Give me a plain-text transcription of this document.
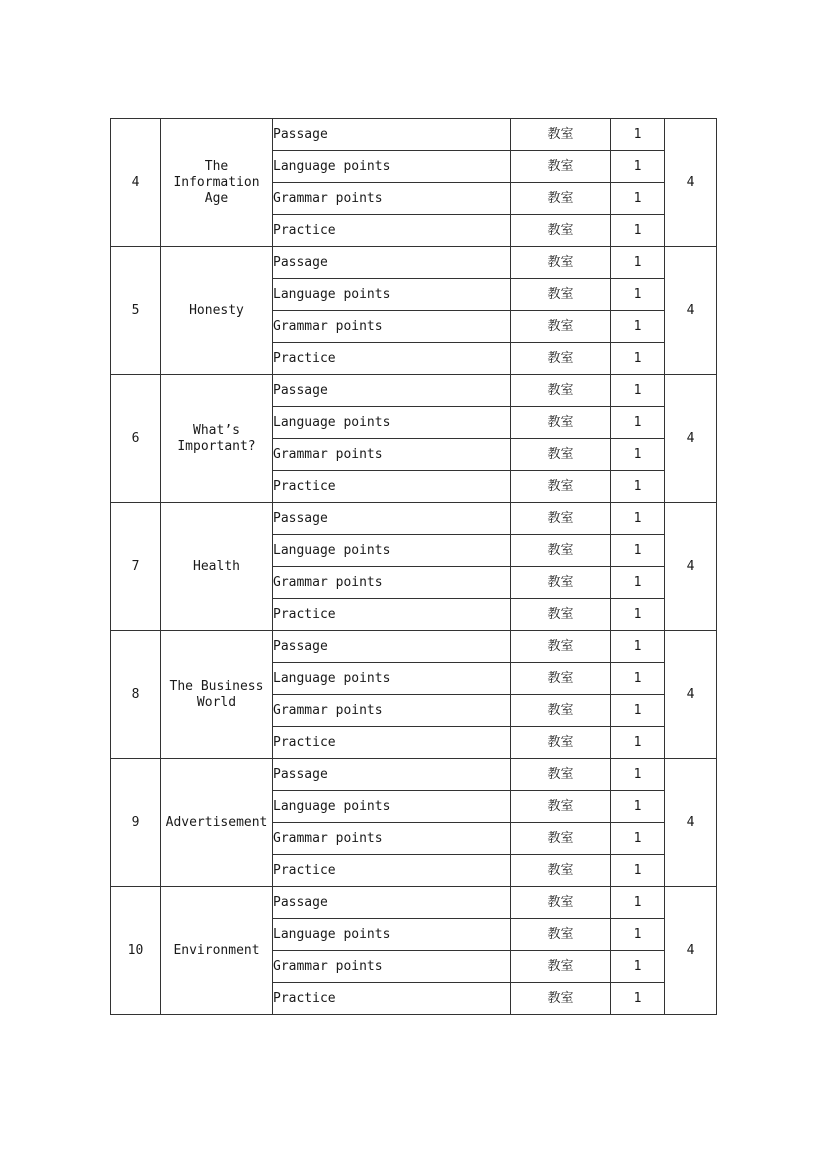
4	The
Information
Age	Passage	教室	1	4
		Language points	教室	1	
		Grammar points	教室	1	
		Practice	教室	1	
5	Honesty	Passage	教室	1	4
		Language points	教室	1	
		Grammar points	教室	1	
		Practice	教室	1	
6	What’s
Important?	Passage	教室	1	4
		Language points	教室	1	
		Grammar points	教室	1	
		Practice	教室	1	
7	Health	Passage	教室	1	4
		Language points	教室	1	
		Grammar points	教室	1	
		Practice	教室	1	
8	The Business
World	Passage	教室	1	4
		Language points	教室	1	
		Grammar points	教室	1	
		Practice	教室	1	
9	Advertisement	Passage	教室	1	4
		Language points	教室	1	
		Grammar points	教室	1	
		Practice	教室	1	
10	Environment	Passage	教室	1	4
		Language points	教室	1	
		Grammar points	教室	1	
		Practice	教室	1	
